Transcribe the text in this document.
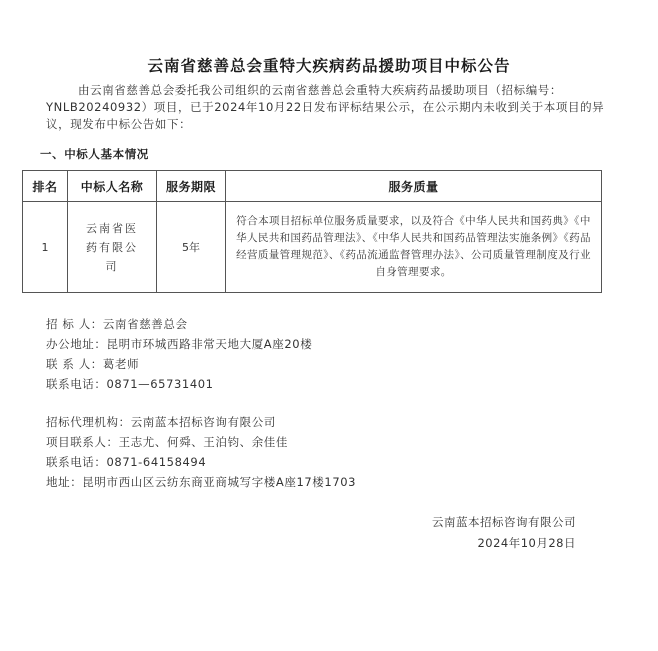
云南省慈善总会重特大疾病药品援助项目中标公告
由云南省慈善总会委托我公司组织的云南省慈善总会重特大疾病药品援助项目（招标编号：YNLB20240932）项目，已于2024年10月22日发布评标结果公示，在公示期内未收到关于本项目的异议，现发布中标公告如下：
一、中标人基本情况
排名	中标人名称	服务期限	服务质量
1	云南省医药有限公司	5年	符合本项目招标单位服务质量要求，以及符合《中华人民共和国药典》《中华人民共和国药品管理法》、《中华人民共和国药品管理法实施条例》《药品经营质量管理规范》、《药品流通监督管理办法》、公司质量管理制度及行业自身管理要求。
招 标 人：云南省慈善总会
办公地址：昆明市环城西路非常天地大厦A座20楼
联 系 人：葛老师
联系电话：0871—65731401
招标代理机构：云南蓝本招标咨询有限公司
项目联系人：王志尤、何舜、王泊钧、余佳佳
联系电话：0871-64158494
地址：昆明市西山区云纺东商亚商城写字楼A座17楼1703
云南蓝本招标咨询有限公司
2024年10月28日
